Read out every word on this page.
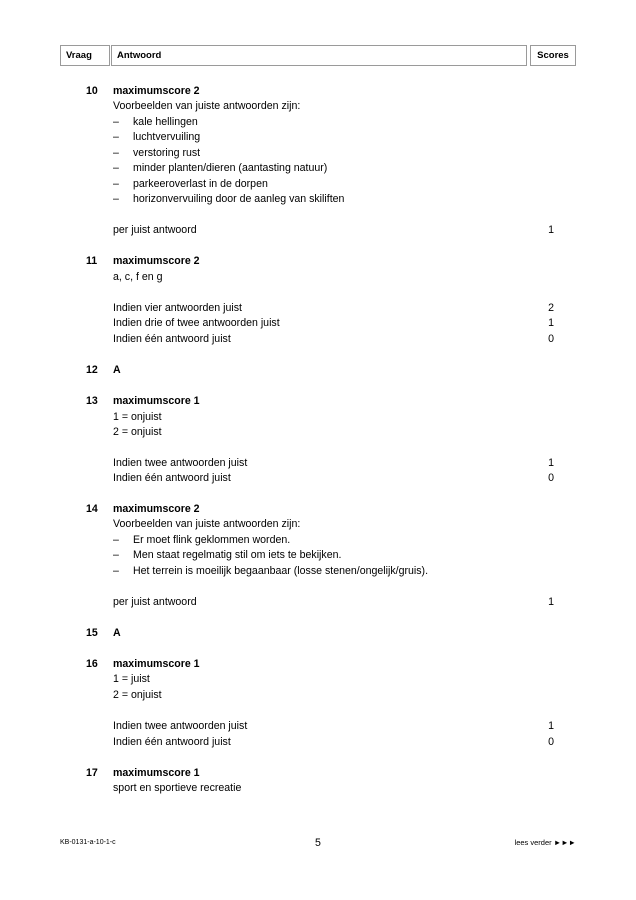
Vraag	Antwoord	Scores
10 maximumscore 2
Voorbeelden van juiste antwoorden zijn:
– kale hellingen
– luchtvervuiling
– verstoring rust
– minder planten/dieren (aantasting natuur)
– parkeeroverlast in de dorpen
– horizonvervuiling door de aanleg van skiliften
per juist antwoord	1
11 maximumscore 2
a, c, f en g
Indien vier antwoorden juist	2
Indien drie of twee antwoorden juist	1
Indien één antwoord juist	0
12 A
13 maximumscore 1
1 = onjuist
2 = onjuist
Indien twee antwoorden juist	1
Indien één antwoord juist	0
14 maximumscore 2
Voorbeelden van juiste antwoorden zijn:
– Er moet flink geklommen worden.
– Men staat regelmatig stil om iets te bekijken.
– Het terrein is moeilijk begaanbaar (losse stenen/ongelijk/gruis).
per juist antwoord	1
15 A
16 maximumscore 1
1 = juist
2 = onjuist
Indien twee antwoorden juist	1
Indien één antwoord juist	0
17 maximumscore 1
sport en sportieve recreatie
KB-0131-a-10-1-c	5	lees verder ►►►
